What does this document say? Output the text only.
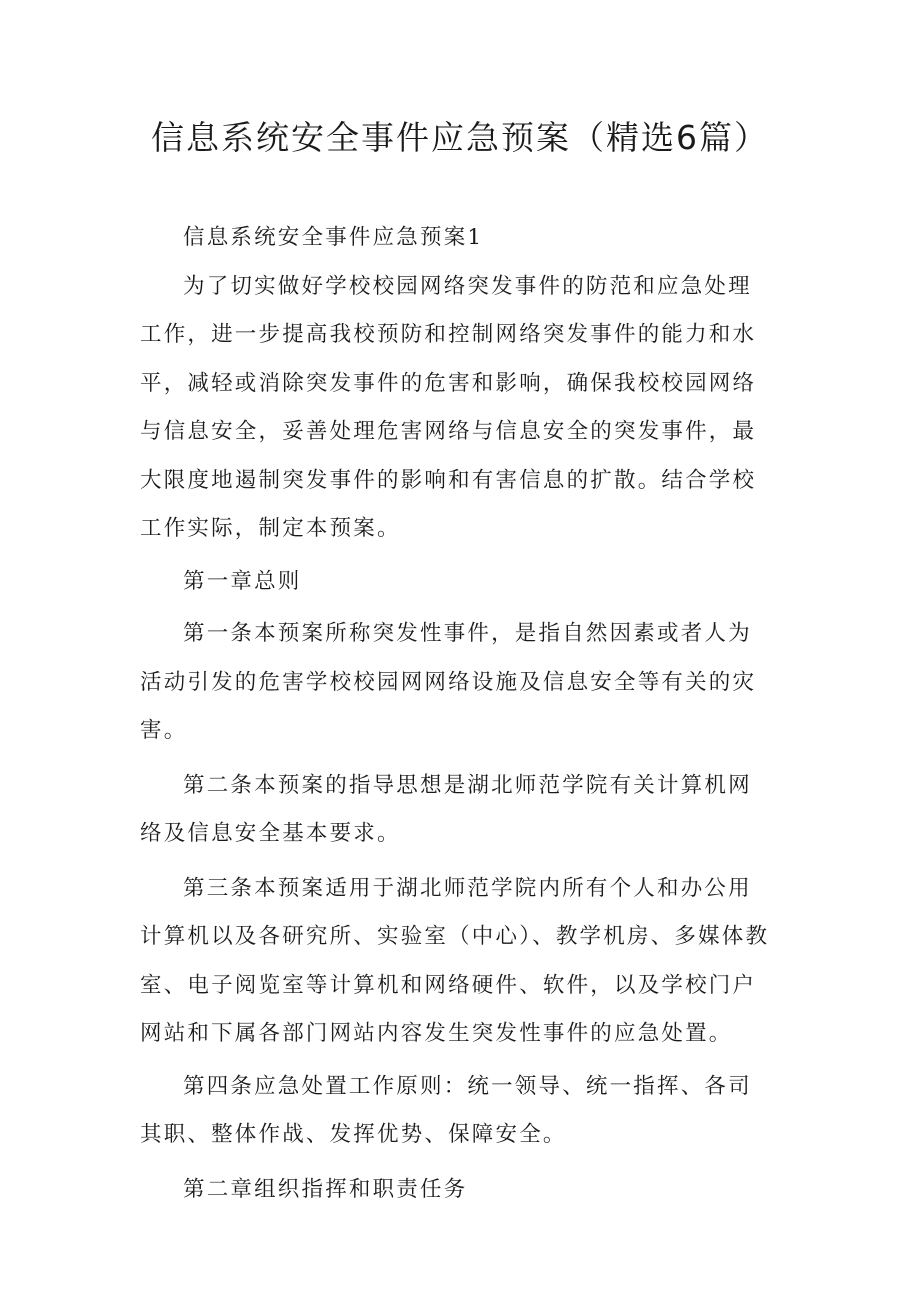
信息系统安全事件应急预案（精选6篇）

信息系统安全事件应急预案1

为了切实做好学校校园网络突发事件的防范和应急处理工作，进一步提高我校预防和控制网络突发事件的能力和水平，减轻或消除突发事件的危害和影响，确保我校校园网络与信息安全，妥善处理危害网络与信息安全的突发事件，最大限度地遏制突发事件的影响和有害信息的扩散。结合学校工作实际，制定本预案。

第一章总则

第一条本预案所称突发性事件，是指自然因素或者人为活动引发的危害学校校园网网络设施及信息安全等有关的灾害。

第二条本预案的指导思想是湖北师范学院有关计算机网络及信息安全基本要求。

第三条本预案适用于湖北师范学院内所有个人和办公用计算机以及各研究所、实验室（中心）、教学机房、多媒体教室、电子阅览室等计算机和网络硬件、软件，以及学校门户网站和下属各部门网站内容发生突发性事件的应急处置。

第四条应急处置工作原则：统一领导、统一指挥、各司其职、整体作战、发挥优势、保障安全。

第二章组织指挥和职责任务
